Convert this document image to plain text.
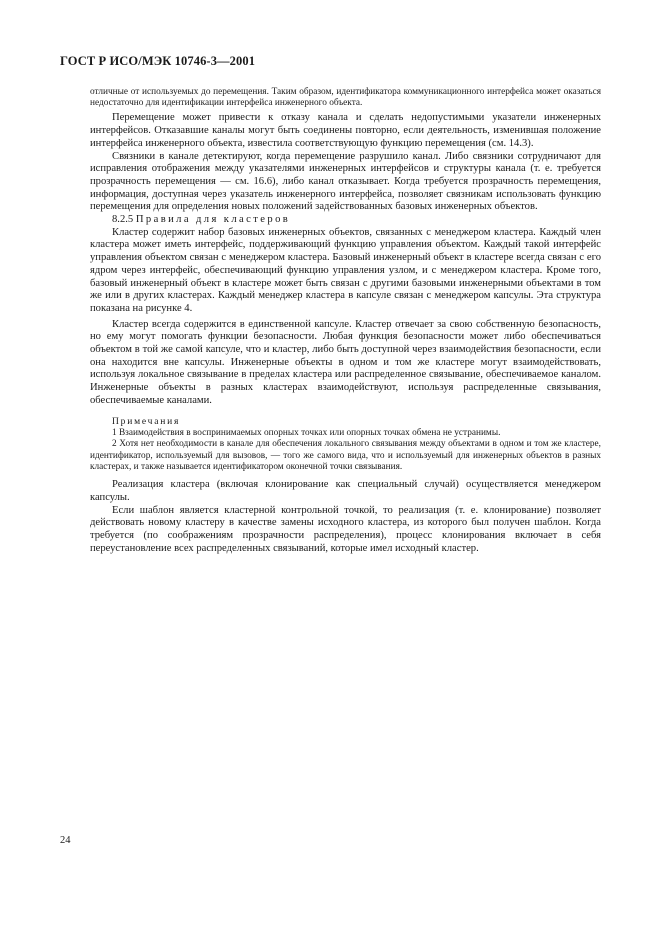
ГОСТ Р ИСО/МЭК 10746-3—2001

отличные от используемых до перемещения. Таким образом, идентификатора коммуникационного интерфейса может оказаться недостаточно для идентификации интерфейса инженерного объекта.

Перемещение может привести к отказу канала и сделать недопустимыми указатели инженерных интерфейсов. Отказавшие каналы могут быть соединены повторно, если деятельность, изменившая положение интерфейса инженерного объекта, известила соответствующую функцию перемещения (см. 14.3).

Связники в канале детектируют, когда перемещение разрушило канал. Либо связники сотрудничают для исправления отображения между указателями инженерных интерфейсов и структуры канала (т. е. требуется прозрачность перемещения — см. 16.6), либо канал отказывает. Когда требуется прозрачность перемещения, информация, доступная через указатель инженерного интерфейса, позволяет связникам использовать функцию перемещения для определения новых положений задействованных базовых инженерных объектов.

8.2.5 Правила для кластеров

Кластер содержит набор базовых инженерных объектов, связанных с менеджером кластера. Каждый член кластера может иметь интерфейс, поддерживающий функцию управления объектом. Каждый такой интерфейс управления объектом связан с менеджером кластера. Базовый инженерный объект в кластере всегда связан с его ядром через интерфейс, обеспечивающий функцию управления узлом, и с менеджером кластера. Кроме того, базовый инженерный объект в кластере может быть связан с другими базовыми инженерными объектами в том же или в других кластерах. Каждый менеджер кластера в капсуле связан с менеджером капсулы. Эта структура показана на рисунке 4.

Кластер всегда содержится в единственной капсуле. Кластер отвечает за свою собственную безопасность, но ему могут помогать функции безопасности. Любая функция безопасности может либо обеспечиваться объектом в той же самой капсуле, что и кластер, либо быть доступной через взаимодействия безопасности, если она находится вне капсулы. Инженерные объекты в одном и том же кластере могут взаимодействовать, используя локальное связывание в пределах кластера или распределенное связывание, обеспечиваемое каналом. Инженерные объекты в разных кластерах взаимодействуют, используя распределенные связывания, обеспечиваемые каналами.

Примечания

1 Взаимодействия в воспринимаемых опорных точках или опорных точках обмена не устранимы.

2 Хотя нет необходимости в канале для обеспечения локального связывания между объектами в одном и том же кластере, идентификатор, используемый для вызовов, — того же самого вида, что и используемый для инженерных объектов в разных кластерах, и также называется идентификатором оконечной точки связывания.

Реализация кластера (включая клонирование как специальный случай) осуществляется менеджером капсулы.

Если шаблон является кластерной контрольной точкой, то реализация (т. е. клонирование) позволяет действовать новому кластеру в качестве замены исходного кластера, из которого был получен шаблон. Когда требуется (по соображениям прозрачности распределения), процесс клонирования включает в себя переустановление всех распределенных связываний, которые имел исходный кластер.

24
